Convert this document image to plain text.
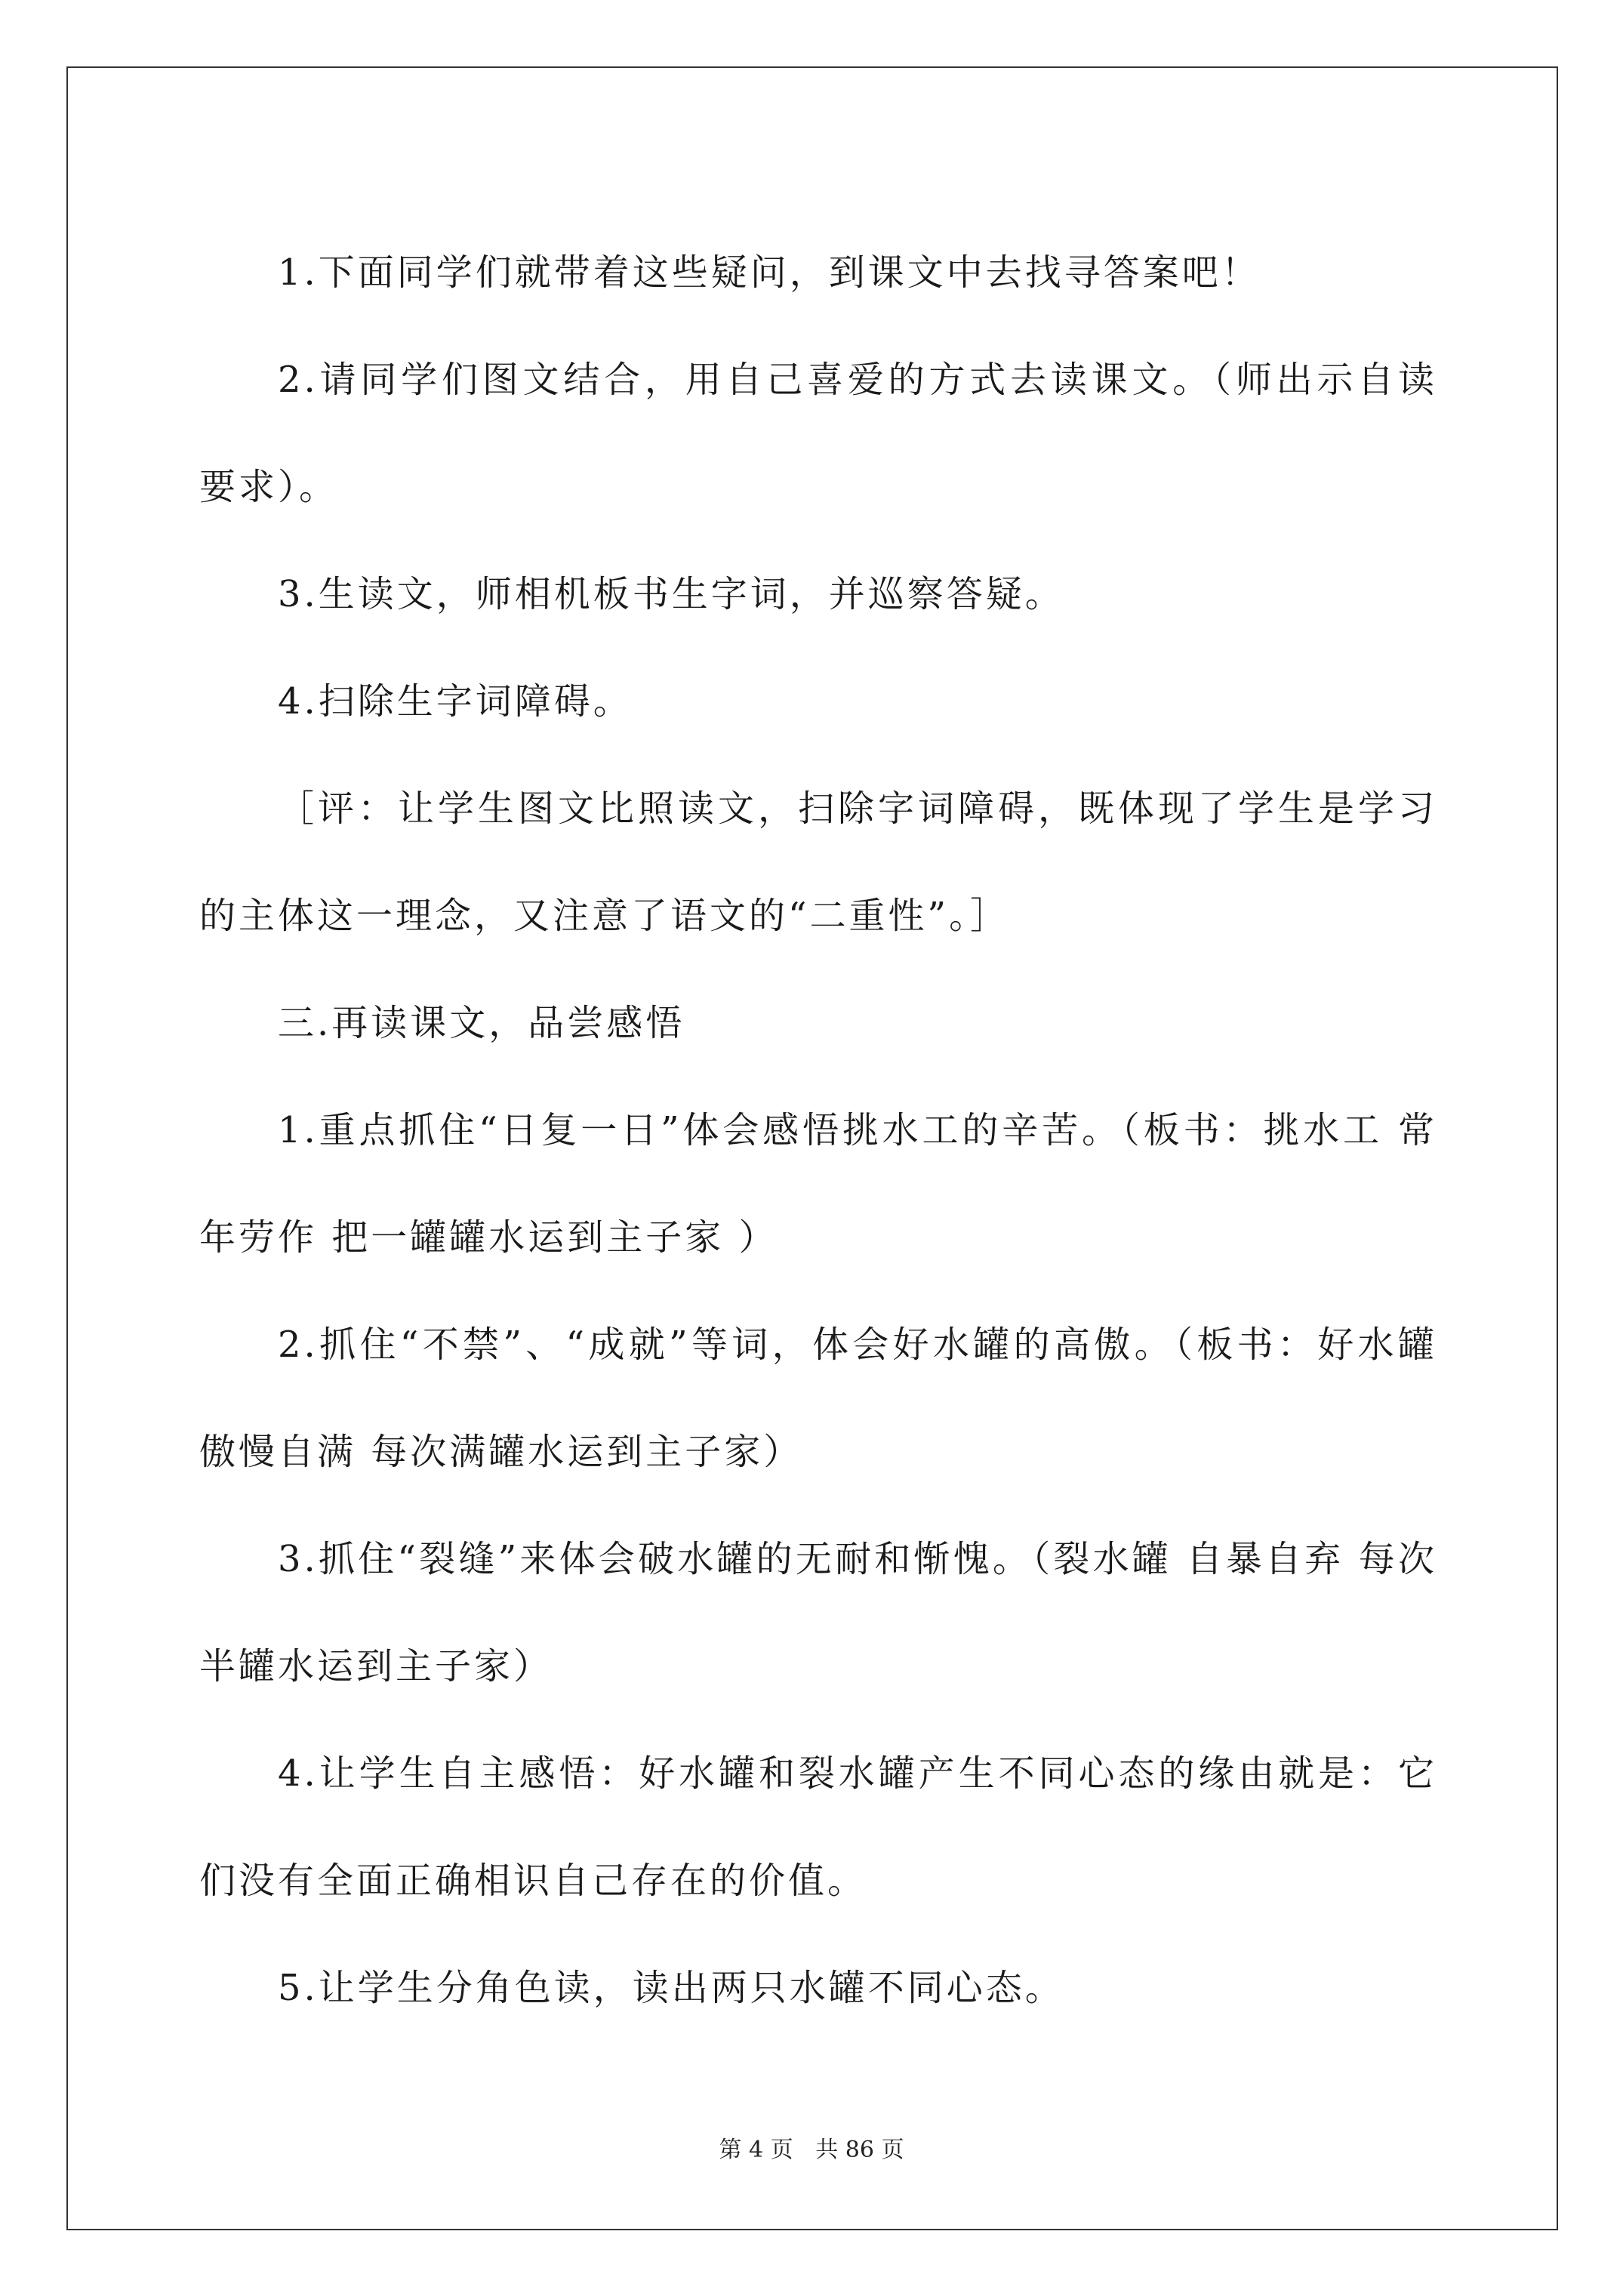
1.下面同学们就带着这些疑问，到课文中去找寻答案吧！

2.请同学们图文结合，用自己喜爱的方式去读课文。（师出示自读要求）。

3.生读文，师相机板书生字词，并巡察答疑。

4.扫除生字词障碍。

［评：让学生图文比照读文，扫除字词障碍，既体现了学生是学习的主体这一理念，又注意了语文的“二重性”。］

三.再读课文，品尝感悟

1.重点抓住“日复一日”体会感悟挑水工的辛苦。（板书：挑水工 常年劳作 把一罐罐水运到主子家 ）

2.抓住“不禁”、“成就”等词，体会好水罐的高傲。（板书：好水罐 傲慢自满 每次满罐水运到主子家）

3.抓住“裂缝”来体会破水罐的无耐和惭愧。（裂水罐 自暴自弃 每次半罐水运到主子家）

4.让学生自主感悟：好水罐和裂水罐产生不同心态的缘由就是：它们没有全面正确相识自己存在的价值。

5.让学生分角色读，读出两只水罐不同心态。

第 4 页 共 86 页
